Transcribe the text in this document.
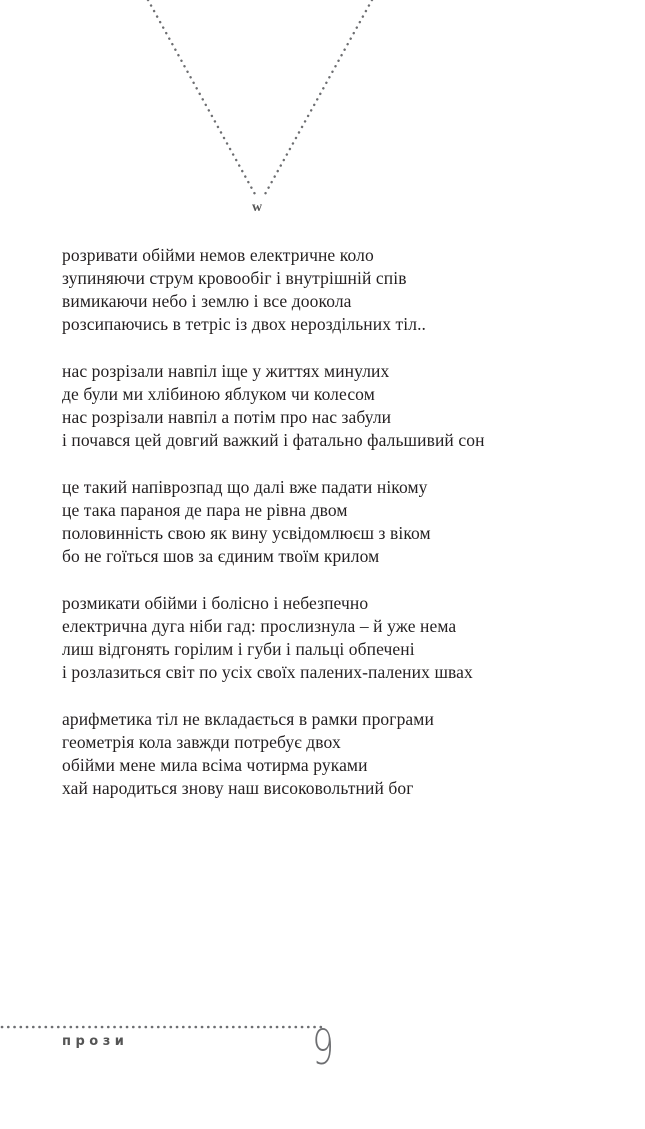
w
розривати обійми немов електричне коло
зупиняючи струм кровообіг і внутрішній спів
вимикаючи небо і землю і все доокола
розсипаючись в тетріс із двох нероздільних тіл..
нас розрізали навпіл іще у життях минулих
де були ми хлібиною яблуком чи колесом
нас розрізали навпіл а потім про нас забули
і почався цей довгий важкий і фатально фальшивий сон
це такий напіврозпад що далі вже падати нікому
це така параноя де пара не рівна двом
половинність свою як вину усвідомлюєш з віком
бо не гоїться шов за єдиним твоїм крилом
розмикати обійми і болісно і небезпечно
електрична дуга ніби гад: прослизнула – й уже нема
лиш відгонять горілим і губи і пальці обпечені
і розлазиться світ по усіх своїх палених-палених швах
арифметика тіл не вкладається в рамки програми
геометрія кола завжди потребує двох
обійми мене мила всіма чотирма руками
хай народиться знову наш високовольтний бог
прози	9
